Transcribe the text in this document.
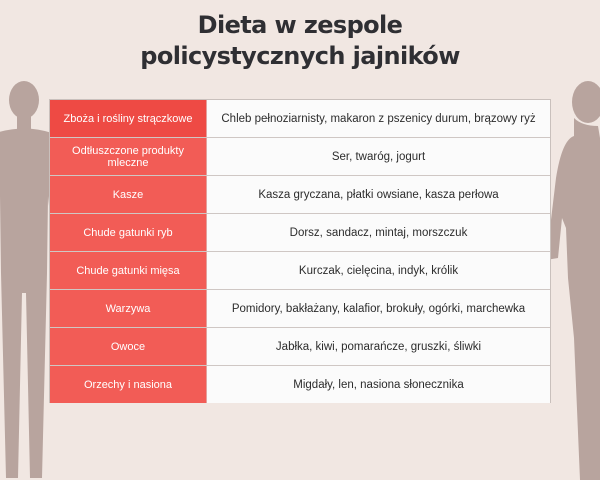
Dieta w zespole
policystycznych jajników
Zboża i rośliny strączkowe	Chleb pełnoziarnisty, makaron z pszenicy durum, brązowy ryż
Odtłuszczone produkty mleczne	Ser, twaróg, jogurt
Kasze	Kasza gryczana, płatki owsiane, kasza perłowa
Chude gatunki ryb	Dorsz, sandacz, mintaj, morszczuk
Chude gatunki mięsa	Kurczak, cielęcina, indyk, królik
Warzywa	Pomidory, bakłażany, kalafior, brokuły, ogórki, marchewka
Owoce	Jabłka, kiwi, pomarańcze, gruszki, śliwki
Orzechy i nasiona	Migdały, len, nasiona słonecznika
